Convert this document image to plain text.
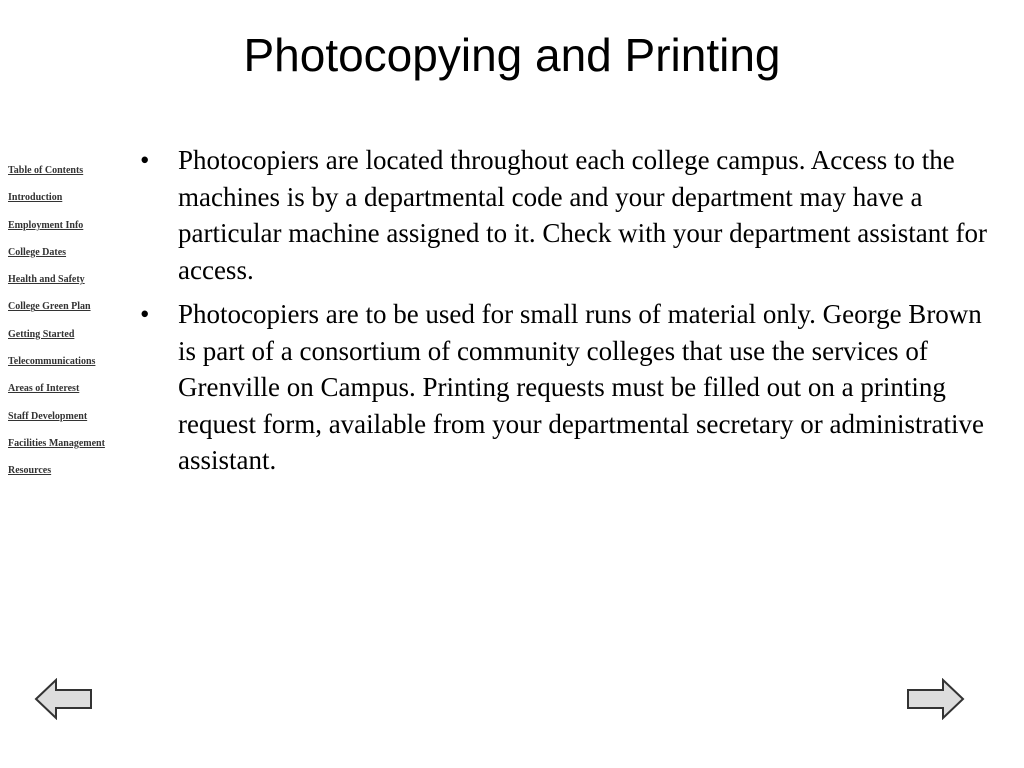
Photocopying and Printing
Table of Contents
Introduction
Employment Info
College Dates
Health and Safety
College Green Plan
Getting Started
Telecommunications
Areas of Interest
Staff Development
Facilities Management
Resources
• Photocopiers are located throughout each college campus. Access to the machines is by a departmental code and your department may have a particular machine assigned to it. Check with your department assistant for access.
• Photocopiers are to be used for small runs of material only. George Brown is part of a consortium of community colleges that use the services of Grenville on Campus. Printing requests must be filled out on a printing request form, available from your departmental secretary or administrative assistant.
